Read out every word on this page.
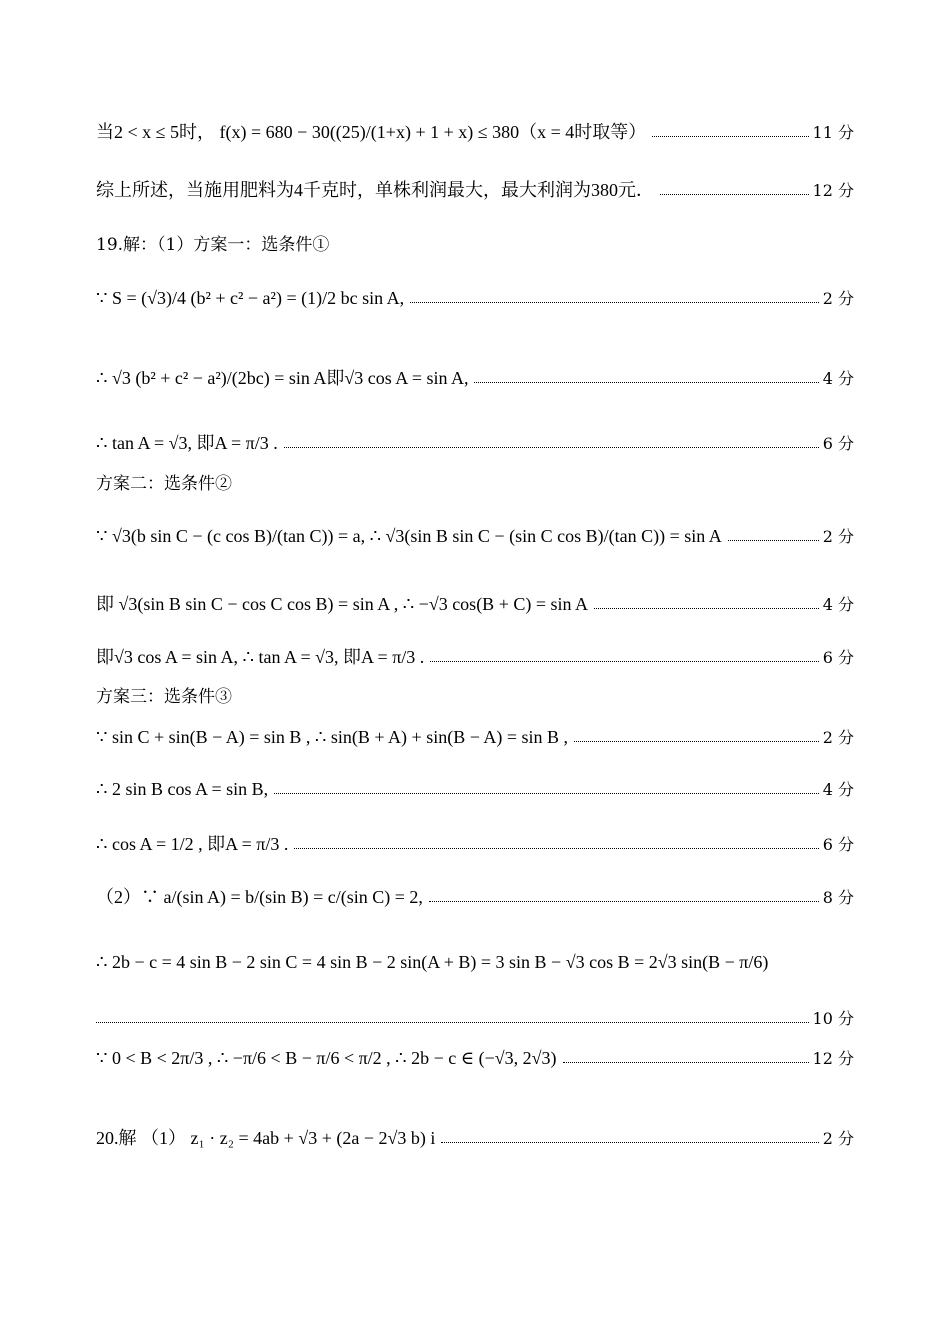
当2 < x ≤ 5时， f(x) = 680 − 30((25)/(1+x) + 1 + x) ≤ 380（x = 4时取等）	11 分
综上所述，当施用肥料为4千克时，单株利润最大，最大利润为380元．	12 分
19.解：（1）方案一：选条件①
∵ S = (√3)/4 (b² + c² − a²) = (1)/2 bc sin A,	2 分
∴ √3 (b² + c² − a²)/(2bc) = sin A即√3 cos A = sin A,	4 分
∴ tan A = √3, 即A = π/3 .	6 分
方案二：选条件②
∵ √3(b sin C − (c cos B)/(tan C)) = a, ∴ √3(sin B sin C − (sin C cos B)/(tan C)) = sin A	2 分
即 √3(sin B sin C − cos C cos B) = sin A , ∴ −√3 cos(B + C) = sin A	4 分
即√3 cos A = sin A, ∴ tan A = √3, 即A = π/3 .	6 分
方案三：选条件③
∵ sin C + sin(B − A) = sin B , ∴ sin(B + A) + sin(B − A) = sin B ,	2 分
∴ 2 sin B cos A = sin B,	4 分
∴ cos A = 1/2 , 即A = π/3 .	6 分
（2）∵ a/(sin A) = b/(sin B) = c/(sin C) = 2,	8 分
∴ 2b − c = 4 sin B − 2 sin C = 4 sin B − 2 sin(A + B) = 3 sin B − √3 cos B = 2√3 sin(B − π/6)
10 分
∵ 0 < B < 2π/3 , ∴ −π/6 < B − π/6 < π/2 , ∴ 2b − c ∈ (−√3, 2√3)	12 分
20.解 （1） z₁ · z₂ = 4ab + √3 + (2a − 2√3 b) i	2 分
